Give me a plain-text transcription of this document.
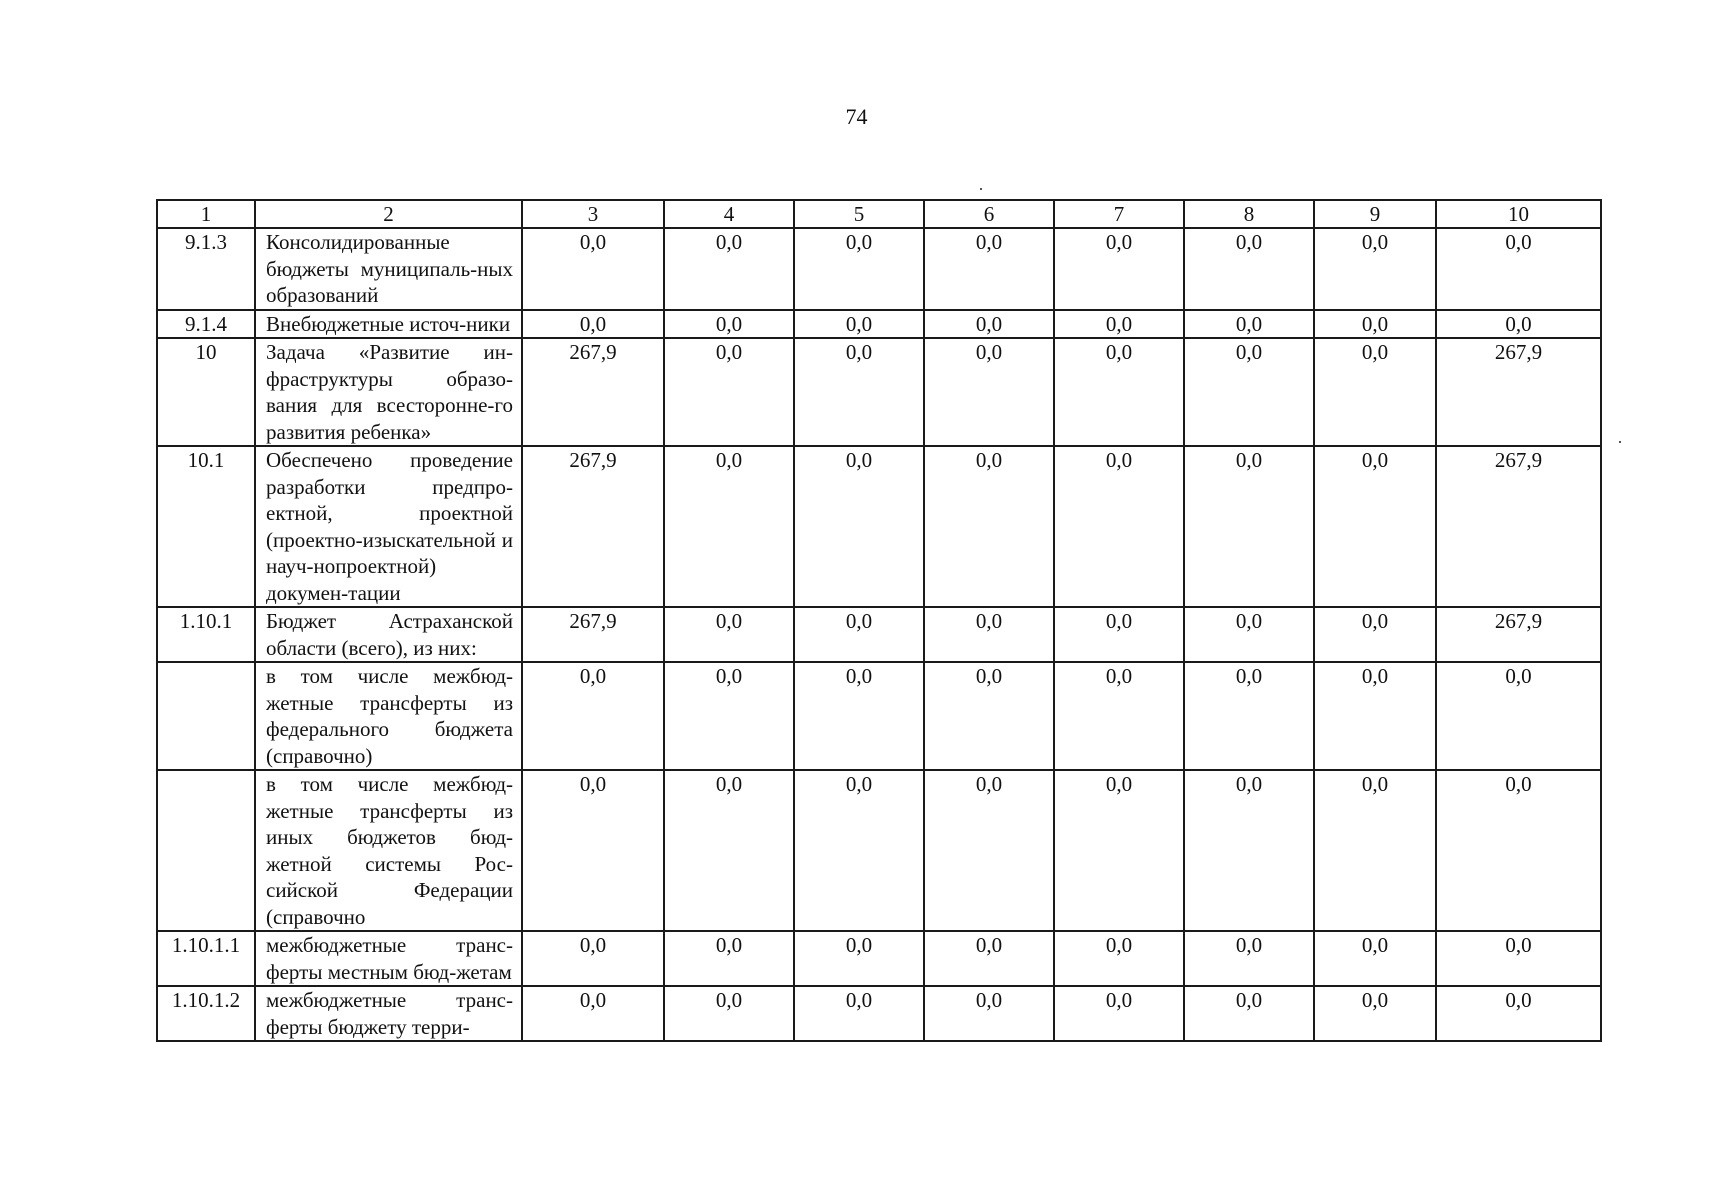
74
1	2	3	4	5	6	7	8	9	10
9.1.3	Консолидированные бюджеты муниципаль-ных образований	0,0	0,0	0,0	0,0	0,0	0,0	0,0	0,0
9.1.4	Внебюджетные источ-ники	0,0	0,0	0,0	0,0	0,0	0,0	0,0	0,0
10	Задача «Развитие ин-фраструктуры образо-вания для всесторонне-го развития ребенка»	267,9	0,0	0,0	0,0	0,0	0,0	0,0	267,9
10.1	Обеспечено проведение разработки предпро-ектной, проектной (проектно-изыскательной и науч-нопроектной) докумен-тации	267,9	0,0	0,0	0,0	0,0	0,0	0,0	267,9
1.10.1	Бюджет Астраханской области (всего), из них:	267,9	0,0	0,0	0,0	0,0	0,0	0,0	267,9
	в том числе межбюд-жетные трансферты из федерального бюджета (справочно)	0,0	0,0	0,0	0,0	0,0	0,0	0,0	0,0
	в том числе межбюд-жетные трансферты из иных бюджетов бюд-жетной системы Рос-сийской Федерации (справочно	0,0	0,0	0,0	0,0	0,0	0,0	0,0	0,0
1.10.1.1	межбюджетные транс-ферты местным бюд-жетам	0,0	0,0	0,0	0,0	0,0	0,0	0,0	0,0
1.10.1.2	межбюджетные транс-ферты бюджету терри-	0,0	0,0	0,0	0,0	0,0	0,0	0,0	0,0
